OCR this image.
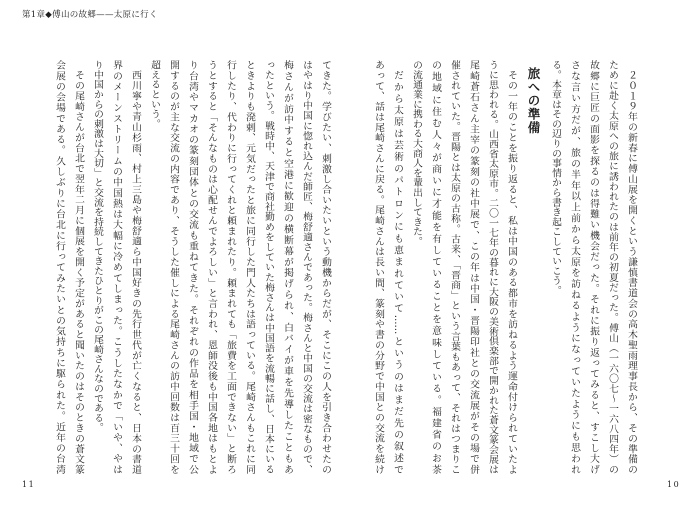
第1章◆傅山の故郷——太原に行く
てきた。学びたい、刺激し合いたいという動機からだが、そこにこの人を引き合わせたの
はやはり中国に惚れ込んだ師匠、梅舒適さんであった。梅さんと中国の交流は密なもので、
梅さんが訪中すると空港に歓迎の横断幕が掲げられ、白バイが車を先導したこともあ
ったという。戦時中、天津で商社勤めをしていた梅さんは中国語を流暢に話し、日本にいる
ときよりも溌剌、元気だったと旅に同行した門人たちは語っている。尾崎さんもこれに同
行したり、代わりに行ってくれと頼まれたり。頼まれても「旅費を工面できない」と断ろ
うとすると「そんなものは心配せんでよろしい」と言われ、恩師没後も中国各地はもとよ
り台湾やマカオの篆刻団体との交流も重ねてきた。それぞれの作品を相手国・地域で公
開するのが主な交流の内容であり、そうした催しによる尾崎さんの訪中回数は百三十回を
超えるという。
西川寧や青山杉雨、村上三島や梅舒適ら中国好きの先行世代が亡くなると、日本の書道
界のメーンストリームの中国熱は大幅に冷めてしまった。こうしたなかで「いや、やは
り中国からの刺激は大切」と交流を持続してきたひとりがこの尾崎さんなのである。
その尾崎さんが台北で翌年二月に個展を開く予定があると聞いたのはそのときの蒼文篆
会展の会場である。久しぶりに台北に行ってみたいとの気持ちに駆られた。近年の台湾	２０１９年の新春に傅山展を開くという謙慎書道会の高木聖雨理事長から、その準備の
ために赴く太原への旅に誘われたのは前年の初夏だった。傅山（一六〇七～一六八四年）の
故郷に巨匠の面影を探るのは得難い機会だった。それに振り返ってみると、すこし大げ
さな言い方だが、旅の半年以上前から太原を訪ねるようになっていたようにも思われ
る。本章はその辺りの事情から書き起こしていこう。
旅への準備
その一年のことを振り返ると、私は中国のある都市を訪ねるよう運命付けられていたよ
うに思われる。山西省太原市。二〇一七年の暮れに大阪の美術倶楽部で開かれた蒼文篆会展は
尾崎蒼石さん主宰の篆刻の社中展で、この年は中国・晋陽印社との交流展がその場で併
催されていた。晋陽とは太原の古称。古来、「晋商」という言葉もあって、それはつまりこ
の地域に住む人々が商いに才能を有していることを意味している。福建省のお茶
の流通業に携わる大商人を輩出してきた。
だから太原は芸術のパトロンにも恵まれていて……というのはまだ先の叙述で
あって、話は尾崎さんに戻る。尾崎さんは長い間、篆刻や書の分野で中国との交流を続け
11	10
